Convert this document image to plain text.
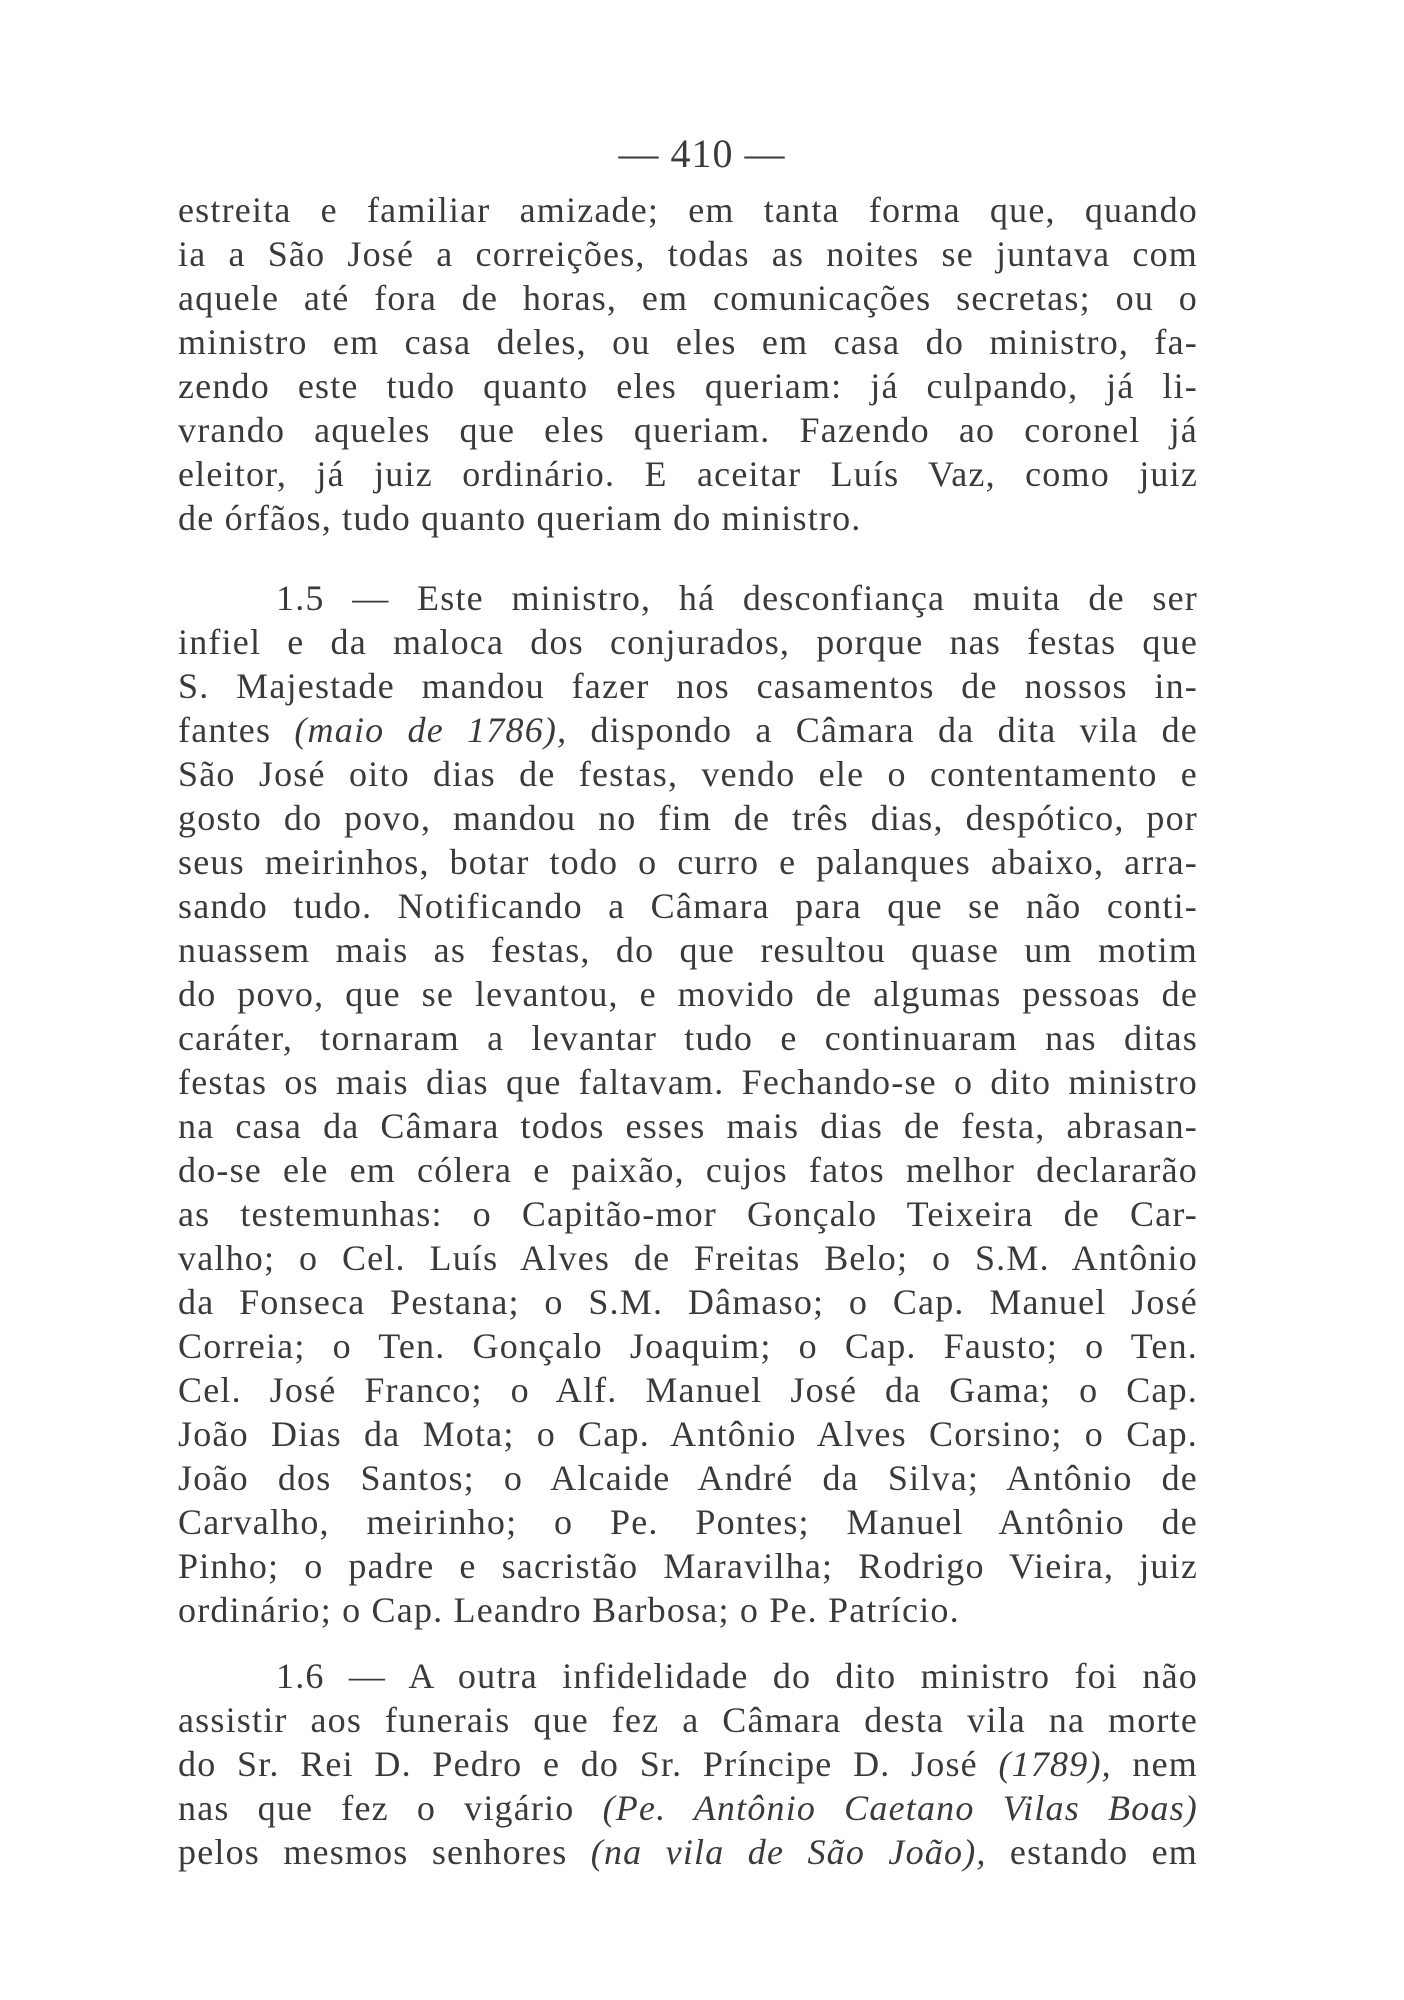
— 410 —
estreita e familiar amizade; em tanta forma que, quando
ia a São José a correições, todas as noites se juntava com
aquele até fora de horas, em comunicações secretas; ou o
ministro em casa deles, ou eles em casa do ministro, fa-
zendo este tudo quanto eles queriam: já culpando, já li-
vrando aqueles que eles queriam. Fazendo ao coronel já
eleitor, já juiz ordinário. E aceitar Luís Vaz, como juiz
de órfãos, tudo quanto queriam do ministro.
1.5 — Este ministro, há desconfiança muita de ser
infiel e da maloca dos conjurados, porque nas festas que
S. Majestade mandou fazer nos casamentos de nossos in-
fantes (maio de 1786), dispondo a Câmara da dita vila de
São José oito dias de festas, vendo ele o contentamento e
gosto do povo, mandou no fim de três dias, despótico, por
seus meirinhos, botar todo o curro e palanques abaixo, arra-
sando tudo. Notificando a Câmara para que se não conti-
nuassem mais as festas, do que resultou quase um motim
do povo, que se levantou, e movido de algumas pessoas de
caráter, tornaram a levantar tudo e continuaram nas ditas
festas os mais dias que faltavam. Fechando-se o dito ministro
na casa da Câmara todos esses mais dias de festa, abrasan-
do-se ele em cólera e paixão, cujos fatos melhor declararão
as testemunhas: o Capitão-mor Gonçalo Teixeira de Car-
valho; o Cel. Luís Alves de Freitas Belo; o S.M. Antônio
da Fonseca Pestana; o S.M. Dâmaso; o Cap. Manuel José
Correia; o Ten. Gonçalo Joaquim; o Cap. Fausto; o Ten.
Cel. José Franco; o Alf. Manuel José da Gama; o Cap.
João Dias da Mota; o Cap. Antônio Alves Corsino; o Cap.
João dos Santos; o Alcaide André da Silva; Antônio de
Carvalho, meirinho; o Pe. Pontes; Manuel Antônio de
Pinho; o padre e sacristão Maravilha; Rodrigo Vieira, juiz
ordinário; o Cap. Leandro Barbosa; o Pe. Patrício.
1.6 — A outra infidelidade do dito ministro foi não
assistir aos funerais que fez a Câmara desta vila na morte
do Sr. Rei D. Pedro e do Sr. Príncipe D. José (1789), nem
nas que fez o vigário (Pe. Antônio Caetano Vilas Boas)
pelos mesmos senhores (na vila de São João), estando em
